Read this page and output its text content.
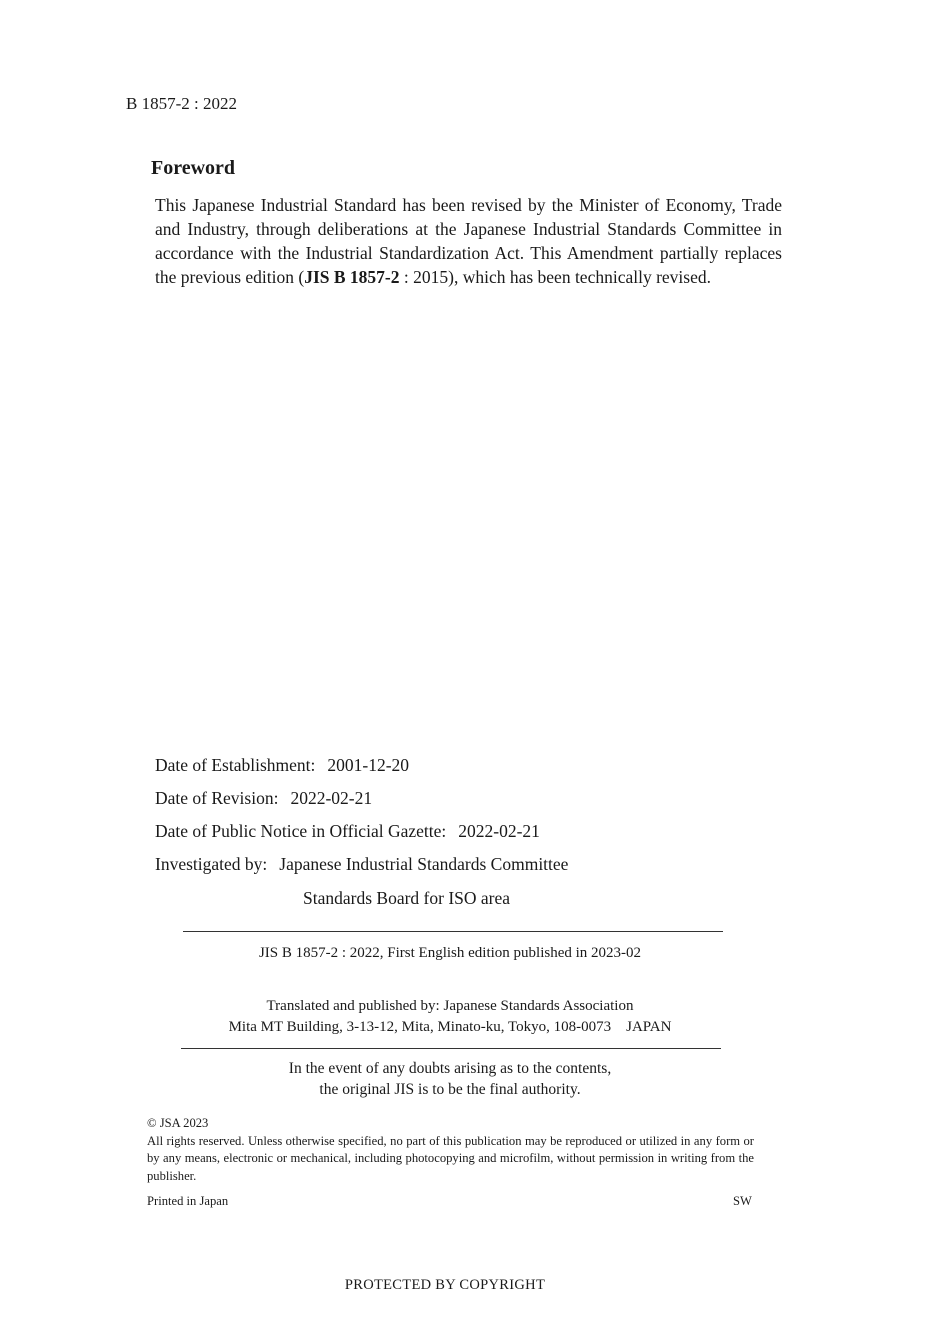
B 1857-2 : 2022
Foreword
This Japanese Industrial Standard has been revised by the Minister of Economy, Trade and Industry, through deliberations at the Japanese Industrial Standards Committee in accordance with the Industrial Standardization Act. This Amendment partially replaces the previous edition (JIS B 1857-2 : 2015), which has been technically revised.
Date of Establishment: 2001-12-20
Date of Revision: 2022-02-21
Date of Public Notice in Official Gazette: 2022-02-21
Investigated by: Japanese Industrial Standards Committee
Standards Board for ISO area
JIS B 1857-2 : 2022, First English edition published in 2023-02
Translated and published by: Japanese Standards Association
Mita MT Building, 3-13-12, Mita, Minato-ku, Tokyo, 108-0073 JAPAN
In the event of any doubts arising as to the contents,
the original JIS is to be the final authority.
© JSA 2023
All rights reserved. Unless otherwise specified, no part of this publication may be reproduced or utilized in any form or by any means, electronic or mechanical, including photocopying and microfilm, without permission in writing from the publisher.
Printed in Japan	SW
PROTECTED BY COPYRIGHT
